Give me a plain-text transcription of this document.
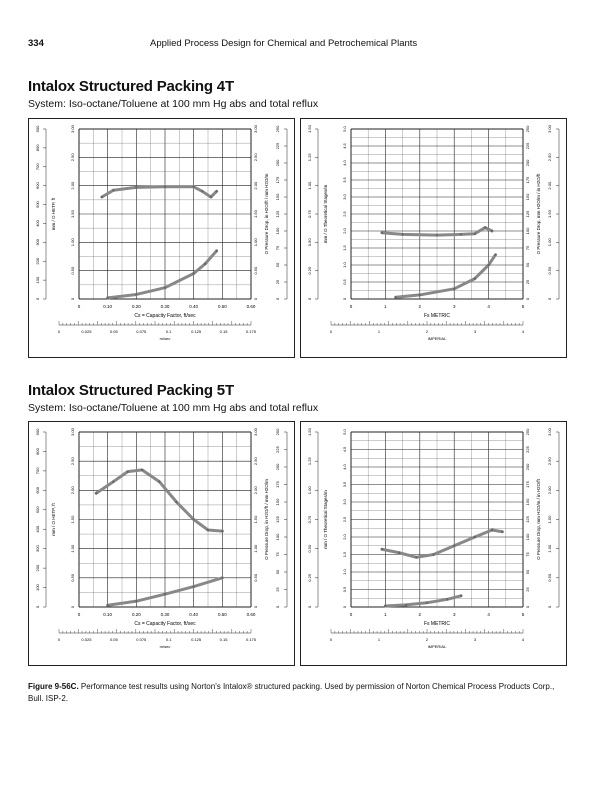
334	Applied Process Design for Chemical and Petrochemical Plants
Intalox Structured Packing 4T
System: Iso-octane/Toluene at 100 mm Hg abs and total reflux
0	0.10	0.20	0.30	0.40	0.50	0.60
0
0.50
1.00
1.50
2.00
2.50
3.00
0
100
200
300
400
500
600
700
800
900
mm / O HETP, ft
0
0.50
1.00
1.50
2.00
2.50
3.00
0
25
50
75
100
125
150
175
200
225
250
O Pressure Drop, in H2O/ft / mm H2O/m
Cs = Capacity Factor, ft/sec
0	0.025	0.05	0.075	0.1	0.125	0.15	0.175
m/sec
0	1	2	3	4	5
0
0.5
1.0
1.5
2.0
2.5
3.0
3.5
4.0
4.5
5.0
0
0.25
0.50
0.75
1.00
1.25
1.50
mm / O Theoretical Stages/m
0
25
50
75
100
125
150
175
200
225
250
0
0.50
1.00
1.50
2.00
2.50
3.00
O Pressure Drop, mm H2O/m / in H2O/ft
Fs METRIC
0	1	2	3	4
IMPERIAL
Intalox Structured Packing 5T
System: Iso-octane/Toluene at 100 mm Hg abs and total reflux
0	0.10	0.20	0.30	0.40	0.50	0.60
0
0.50
1.00
1.50
2.00
2.50
3.00
0
100
200
300
400
500
600
700
800
900
mm / O HETP, ft
0
0.50
1.00
1.50
2.00
2.50
3.00
0
25
50
75
100
125
150
175
200
225
250
O Pressure Drop, in H2O/ft / mm H2O/m
Cs = Capacity Factor, ft/sec
0	0.025	0.05	0.075	0.1	0.125	0.15	0.175
m/sec
0	1	2	3	4	5
0
0.5
1.0
1.5
2.0
2.5
3.0
3.5
4.0
4.5
5.0
0
0.25
0.50
0.75
1.00
1.25
1.50
mm / O Theoretical Stages/m
0
25
50
75
100
125
150
175
200
225
250
0
0.50
1.00
1.50
2.00
2.50
3.00
O Pressure Drop, mm H2O/m / in H2O/ft
Fs METRIC
0	1	2	3	4
IMPERIAL
Figure 9-56C. Performance test results using Norton's Intalox® structured packing. Used by permission of Norton Chemical Process Products Corp., Bull. ISP-2.
